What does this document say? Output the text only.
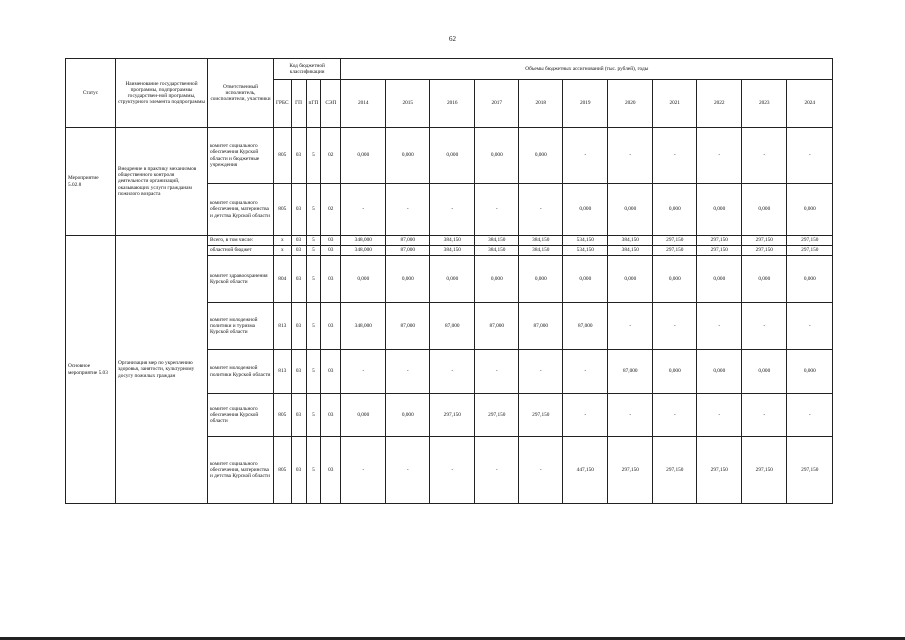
62
Статус	Наименование государственной программы, подпрограммы государствен-ной программы, структурного элемента подпрограммы	Ответственный исполнитель, соисполнители, участники	Код бюджетной классификации				Объемы бюджетных ассигнований (тыс. рублей), годы										
			ГРБС	ГП	пГП	СЭП	2014	2015	2016	2017	2018	2019	2020	2021	2022	2023	2024
Мероприятие 5.02.8	Внедрение в практику механизмов общественного контроля деятельности организаций, оказывающих услуги гражданам пожилого возраста	комитет социального обеспечения Курской области и бюджетные учреждения	805	03	5	02	0,000	0,000	0,000	0,000	0,000	-	-	-	-	-	-
		комитет социального обеспечения, материнства и детства Курской области	805	03	5	02	-	-	-	-	-	0,000	0,000	0,000	0,000	0,000	0,000
Основное мероприятие 5.03	Организация мер по укреплению здоровья, занятости, культурному досугу пожилых граждан	Всего, в том числе:	х	03	5	03	348,000	87,000	384,150	384,150	384,150	534,150	384,150	297,150	297,150	297,150	297,150
		областной бюджет	х	03	5	03	348,000	87,000	384,150	384,150	384,150	534,150	384,150	297,150	297,150	297,150	297,150
		комитет здравоохранения Курской области	804	03	5	03	0,000	0,000	0,000	0,000	0,000	0,000	0,000	0,000	0,000	0,000	0,000
		комитет молодежной политики и туризма Курской области	813	03	5	03	348,000	87,000	87,000	87,000	87,000	87,000	-	-	-	-	-
		комитет молодежной политики Курской области	813	03	5	03	-	-	-	-	-	-	87,000	0,000	0,000	0,000	0,000
		комитет социального обеспечения Курской области	805	03	5	03	0,000	0,000	297,150	297,150	297,150	-	-	-	-	-	-
		комитет социального обеспечения, материнства и детства Курской области	805	03	5	03	-	-	-	-	-	447,150	297,150	297,150	297,150	297,150	297,150
